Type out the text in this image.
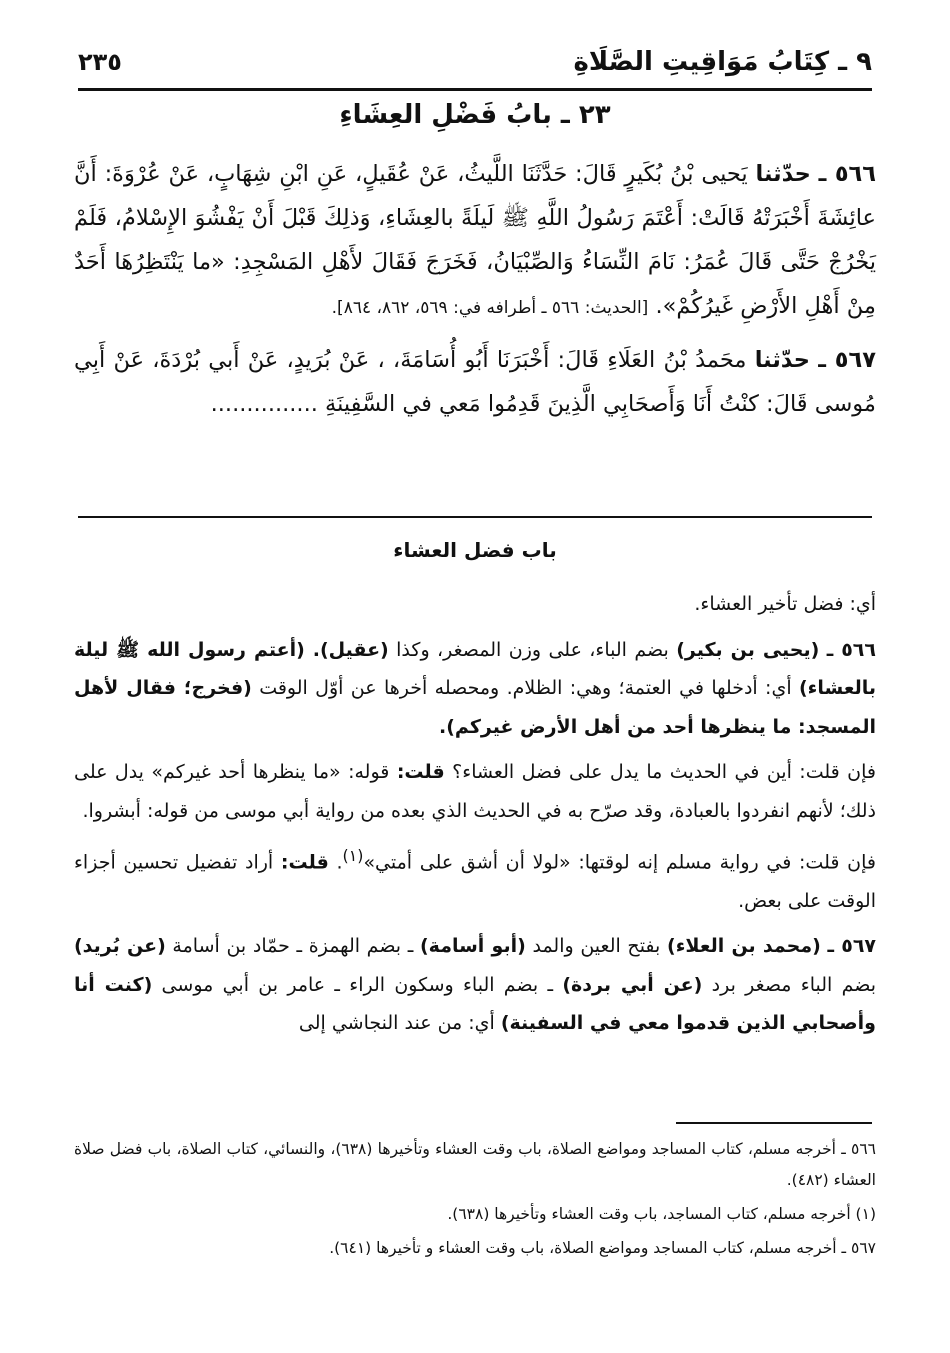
٩ ـ كِتَابُ مَوَاقِيتِ الصَّلَاةِ
٢٣٥
٢٣ ـ بابُ فَضْلِ العِشَاءِ

٥٦٦ ـ حدّثنا يَحيى بْنُ بُكَيرٍ قَالَ: حَدَّثَنَا اللَّيثُ، عَنْ عُقَيلٍ، عَنِ ابْنِ شِهَابٍ، عَنْ عُرْوَةَ: أَنَّ عائِشَةَ أَخْبَرَتْهُ قَالَتْ: أَعْتَمَ رَسُولُ اللَّهِ ﷺ لَيلَةً بالعِشَاءِ، وَذلِكَ قَبْلَ أَنْ يَفْشُوَ الإِسْلامُ، فَلَمْ يَخْرُجْ حَتَّى قَالَ عُمَرُ: نَامَ النِّسَاءُ وَالصِّبْيَانُ، فَخَرَجَ فَقَالَ لأَهْلِ المَسْجِدِ: «ما يَنْتَظِرُهَا أَحَدٌ مِنْ أَهْلِ الأَرْضِ غَيرُكُمْ». [الحديث: ٥٦٦ ـ أطرافه في: ٥٦٩، ٨٦٢، ٨٦٤].

٥٦٧ ـ حدّثنا محَمدُ بْنُ العَلَاءِ قَالَ: أَخْبَرَنَا أَبُو أُسَامَةَ، ، عَنْ بُرَيدٍ، عَنْ أَبي بُرْدَةَ، عَنْ أَبِي مُوسى قَالَ: كنْتُ أَنَا وَأَصحَابِي الَّذِينَ قَدِمُوا مَعي في السَّفِينَةِ ...............

باب فضل العشاء

أي: فضل تأخير العشاء.

٥٦٦ ـ (يحيى بن بكير) بضم الباء، على وزن المصغر، وكذا (عقيل). (أعتم رسول الله ﷺ ليلة بالعشاء) أي: أدخلها في العتمة؛ وهي: الظلام. ومحصله أخرها عن أوّل الوقت (فخرج؛ فقال لأهل المسجد: ما ينظرها أحد من أهل الأرض غيركم).

فإن قلت: أين في الحديث ما يدل على فضل العشاء؟ قلت: قوله: «ما ينظرها أحد غيركم» يدل على ذلك؛ لأنهم انفردوا بالعبادة، وقد صرّح به في الحديث الذي بعده من رواية أبي موسى من قوله: أبشروا.

فإن قلت: في رواية مسلم إنه لوقتها: «لولا أن أشق على أمتي»$^{(١)}$. قلت: أراد تفضيل تحسين أجزاء الوقت على بعض.

٥٦٧ ـ (محمد بن العلاء) بفتح العين والمد (أبو أسامة) ـ بضم الهمزة ـ حمّاد بن أسامة (عن بُريد) بضم الباء مصغر برد (عن أبي بردة) ـ بضم الباء وسكون الراء ـ عامر بن أبي موسى (كنت أنا وأصحابي الذين قدموا معي في السفينة) أي: من عند النجاشي إلى

٥٦٦ ـ أخرجه مسلم، كتاب المساجد ومواضع الصلاة، باب وقت العشاء وتأخيرها (٦٣٨)، والنسائي، كتاب الصلاة، باب فضل صلاة العشاء (٤٨٢).

(١) أخرجه مسلم، كتاب المساجد، باب وقت العشاء وتأخيرها (٦٣٨).

٥٦٧ ـ أخرجه مسلم، كتاب المساجد ومواضع الصلاة، باب وقت العشاء و تأخيرها (٦٤١).
